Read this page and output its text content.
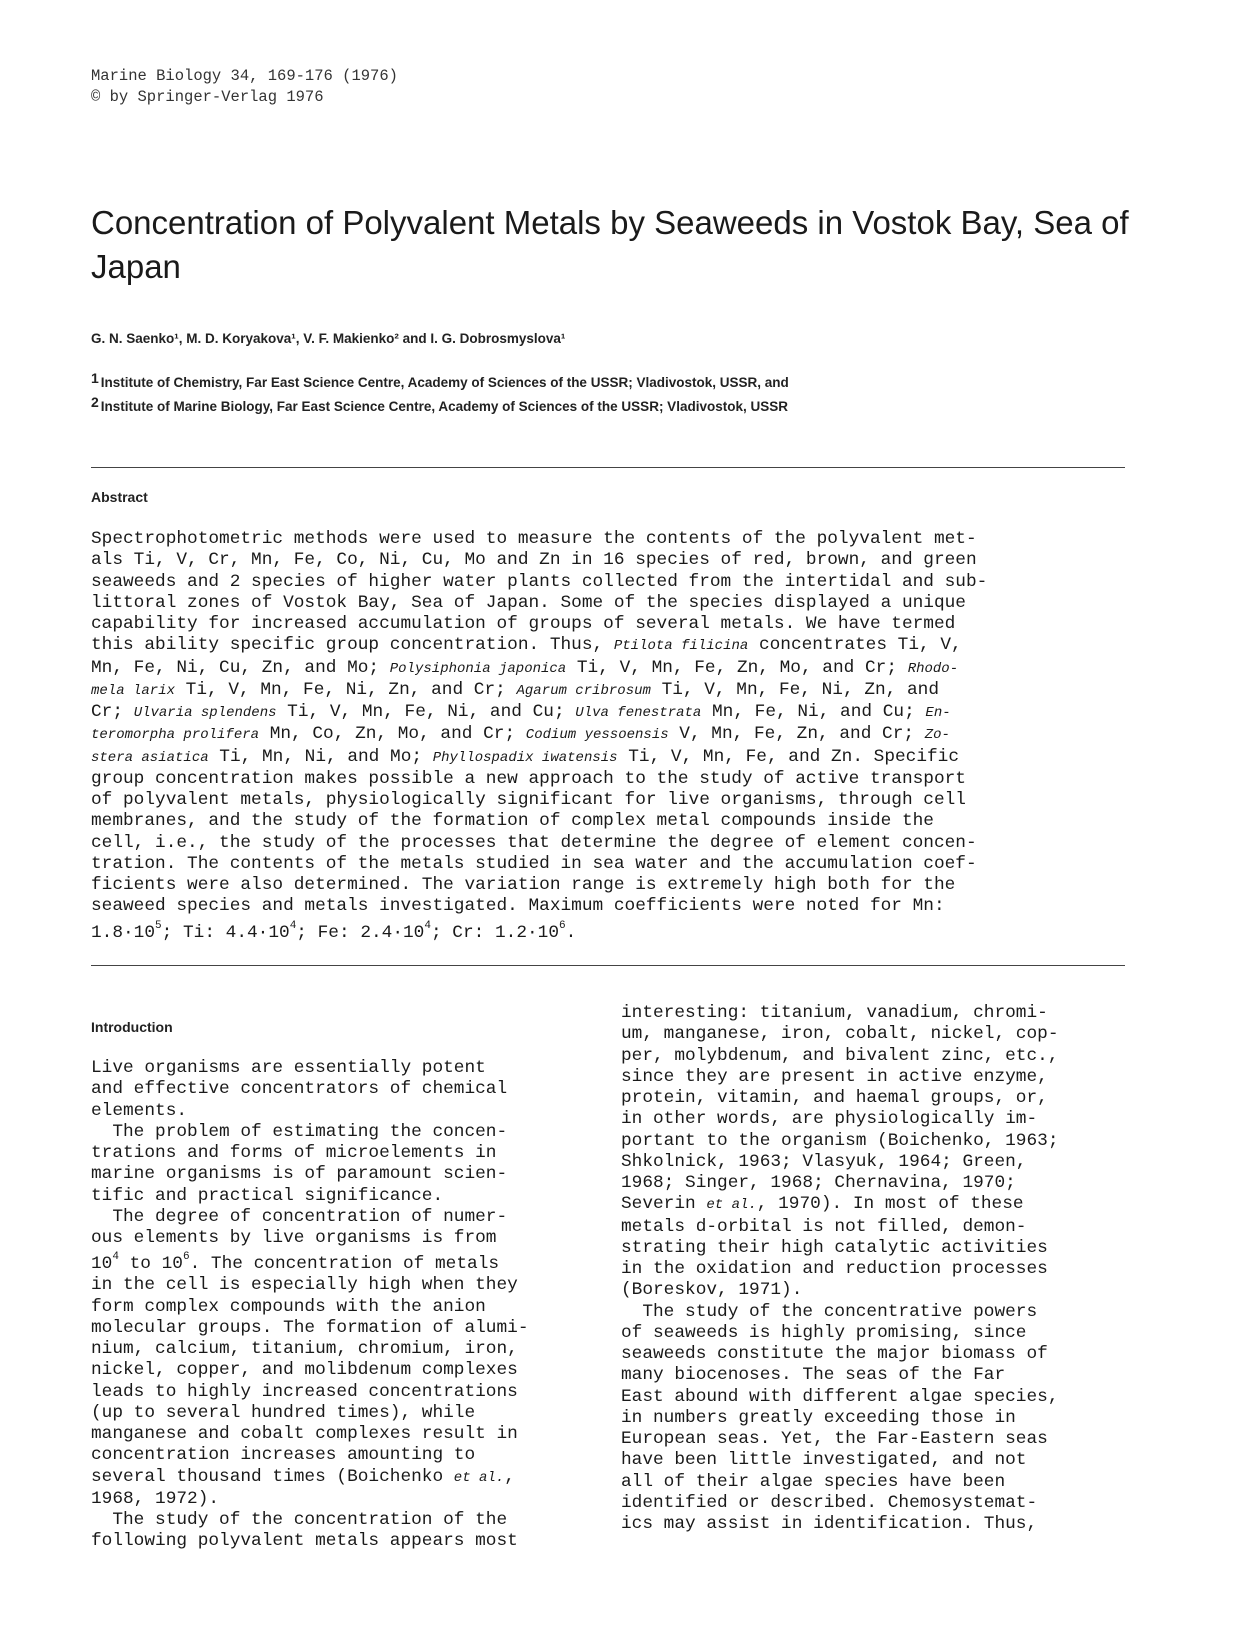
Marine Biology 34, 169-176 (1976)
© by Springer-Verlag 1976
Concentration of Polyvalent Metals by Seaweeds in Vostok Bay, Sea of Japan
G. N. Saenko¹, M. D. Koryakova¹, V. F. Makienko² and I. G. Dobrosmyslova¹
1 Institute of Chemistry, Far East Science Centre, Academy of Sciences of the USSR; Vladivostok, USSR, and
2 Institute of Marine Biology, Far East Science Centre, Academy of Sciences of the USSR; Vladivostok, USSR
Abstract
Spectrophotometric methods were used to measure the contents of the polyvalent met-
als Ti, V, Cr, Mn, Fe, Co, Ni, Cu, Mo and Zn in 16 species of red, brown, and green
seaweeds and 2 species of higher water plants collected from the intertidal and sub-
littoral zones of Vostok Bay, Sea of Japan. Some of the species displayed a unique
capability for increased accumulation of groups of several metals. We have termed
this ability specific group concentration. Thus, Ptilota filicina concentrates Ti, V,
Mn, Fe, Ni, Cu, Zn, and Mo; Polysiphonia japonica Ti, V, Mn, Fe, Zn, Mo, and Cr; Rhodo-
mela larix Ti, V, Mn, Fe, Ni, Zn, and Cr; Agarum cribrosum Ti, V, Mn, Fe, Ni, Zn, and
Cr; Ulvaria splendens Ti, V, Mn, Fe, Ni, and Cu; Ulva fenestrata Mn, Fe, Ni, and Cu; En-
teromorpha prolifera Mn, Co, Zn, Mo, and Cr; Codium yessoensis V, Mn, Fe, Zn, and Cr; Zo-
stera asiatica Ti, Mn, Ni, and Mo; Phyllospadix iwatensis Ti, V, Mn, Fe, and Zn. Specific
group concentration makes possible a new approach to the study of active transport
of polyvalent metals, physiologically significant for live organisms, through cell
membranes, and the study of the formation of complex metal compounds inside the
cell, i.e., the study of the processes that determine the degree of element concen-
tration. The contents of the metals studied in sea water and the accumulation coef-
ficients were also determined. The variation range is extremely high both for the
seaweed species and metals investigated. Maximum coefficients were noted for Mn:
$1.8\cdot 10^5$; Ti: $4.4\cdot 10^4$; Fe: $2.4\cdot 10^4$; Cr: $1.2\cdot 10^6$.
Introduction
Live organisms are essentially potent
and effective concentrators of chemical
elements.
The problem of estimating the concen-
trations and forms of microelements in
marine organisms is of paramount scien-
tific and practical significance.
The degree of concentration of numer-
ous elements by live organisms is from
$10^4$ to $10^6$. The concentration of metals
in the cell is especially high when they
form complex compounds with the anion
molecular groups. The formation of alumi-
nium, calcium, titanium, chromium, iron,
nickel, copper, and molibdenum complexes
leads to highly increased concentrations
(up to several hundred times), while
manganese and cobalt complexes result in
concentration increases amounting to
several thousand times (Boichenko et al.,
1968, 1972).
The study of the concentration of the
following polyvalent metals appears most
interesting: titanium, vanadium, chromi-
um, manganese, iron, cobalt, nickel, cop-
per, molybdenum, and bivalent zinc, etc.,
since they are present in active enzyme,
protein, vitamin, and haemal groups, or,
in other words, are physiologically im-
portant to the organism (Boichenko, 1963;
Shkolnick, 1963; Vlasyuk, 1964; Green,
1968; Singer, 1968; Chernavina, 1970;
Severin et al., 1970). In most of these
metals d-orbital is not filled, demon-
strating their high catalytic activities
in the oxidation and reduction processes
(Boreskov, 1971).
The study of the concentrative powers
of seaweeds is highly promising, since
seaweeds constitute the major biomass of
many biocenoses. The seas of the Far
East abound with different algae species,
in numbers greatly exceeding those in
European seas. Yet, the Far-Eastern seas
have been little investigated, and not
all of their algae species have been
identified or described. Chemosystemat-
ics may assist in identification. Thus,
